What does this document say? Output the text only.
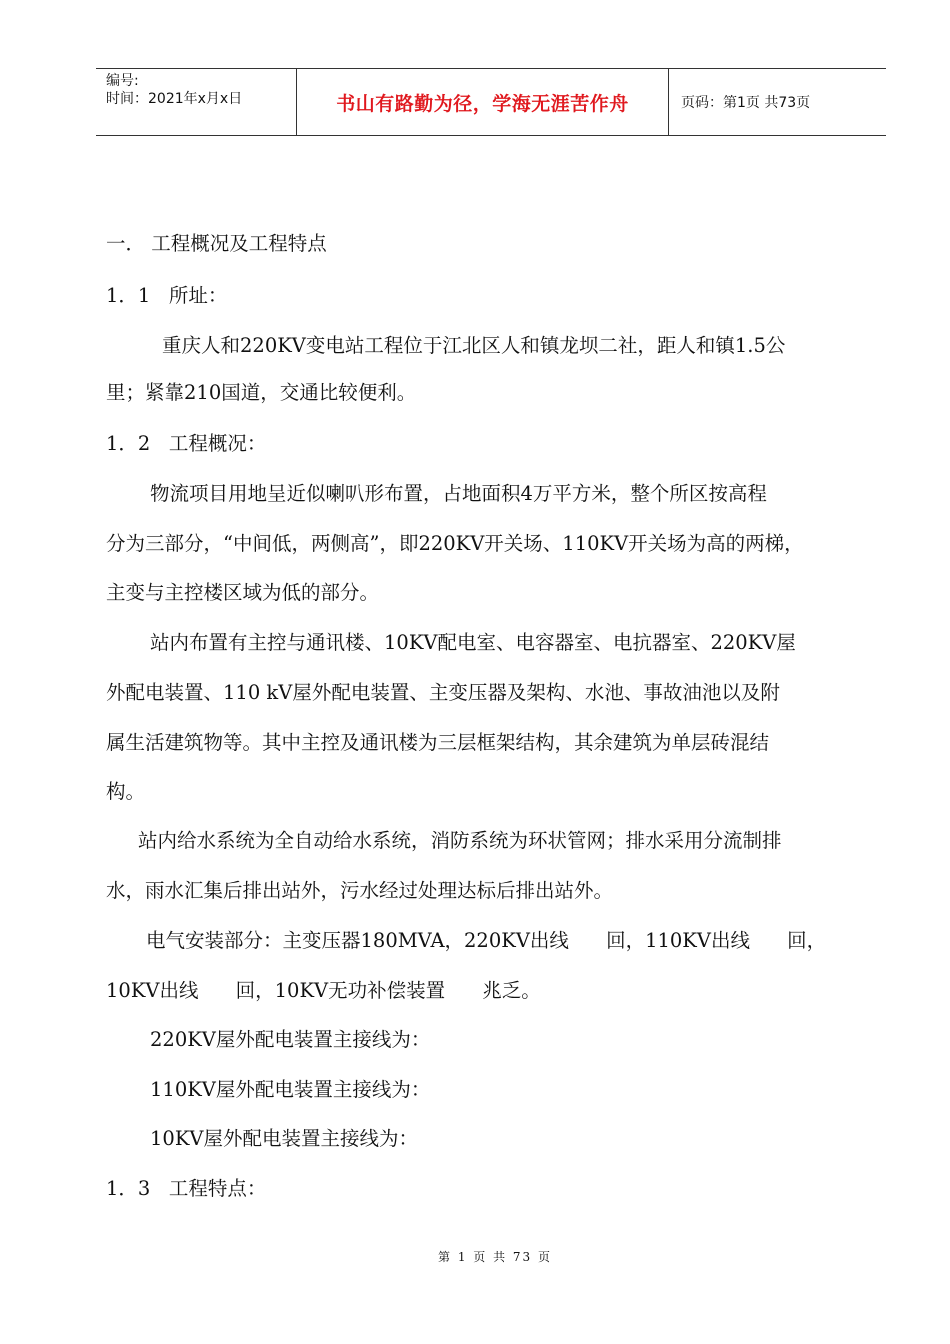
编号:
时间：2021年x月x日	书山有路勤为径，学海无涯苦作舟	页码：第1页 共73页
一． 工程概况及工程特点
1．1   所址：
重庆人和220KV变电站工程位于江北区人和镇龙坝二社，距人和镇1.5公
里；紧靠210国道，交通比较便利。
1．2   工程概况：
物流项目用地呈近似喇叭形布置，占地面积4万平方米，整个所区按高程
分为三部分，“中间低，两侧高”，即220KV开关场、110KV开关场为高的两梯，
主变与主控楼区域为低的部分。
站内布置有主控与通讯楼、10KV配电室、电容器室、电抗器室、220KV屋
外配电装置、110 kV屋外配电装置、主变压器及架构、水池、事故油池以及附
属生活建筑物等。其中主控及通讯楼为三层框架结构，其余建筑为单层砖混结
构。
站内给水系统为全自动给水系统，消防系统为环状管网；排水采用分流制排
水，雨水汇集后排出站外，污水经过处理达标后排出站外。
电气安装部分：主变压器180MVA，220KV出线      回，110KV出线      回，
10KV出线      回，10KV无功补偿装置      兆乏。
220KV屋外配电装置主接线为：
110KV屋外配电装置主接线为：
10KV屋外配电装置主接线为：
1．3   工程特点：
第 1 页 共 73 页
